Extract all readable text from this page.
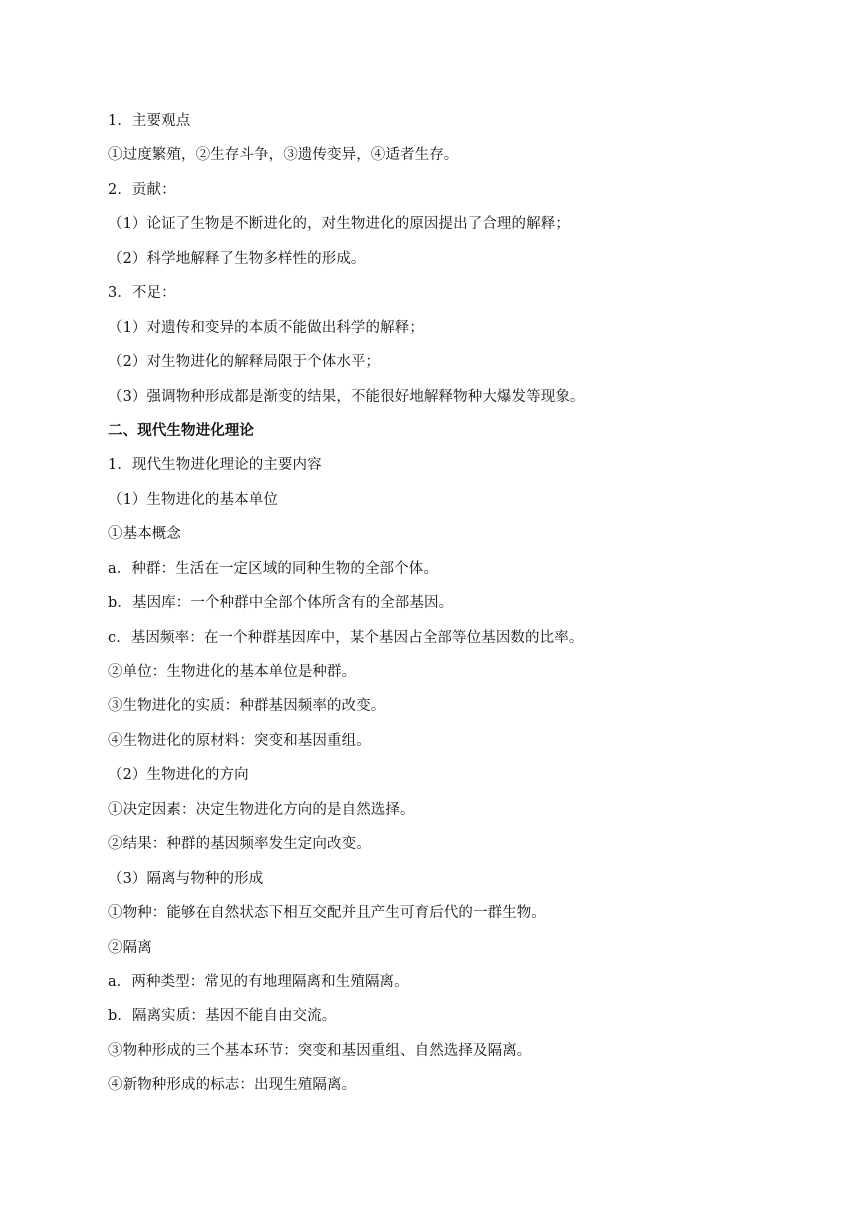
1．主要观点
①过度繁殖，②生存斗争，③遗传变异，④适者生存。
2．贡献：
（1）论证了生物是不断进化的，对生物进化的原因提出了合理的解释；
（2）科学地解释了生物多样性的形成。
3．不足：
（1）对遗传和变异的本质不能做出科学的解释；
（2）对生物进化的解释局限于个体水平；
（3）强调物种形成都是渐变的结果，不能很好地解释物种大爆发等现象。
二、现代生物进化理论
1．现代生物进化理论的主要内容
（1）生物进化的基本单位
①基本概念
a．种群：生活在一定区域的同种生物的全部个体。
b．基因库：一个种群中全部个体所含有的全部基因。
c．基因频率：在一个种群基因库中，某个基因占全部等位基因数的比率。
②单位：生物进化的基本单位是种群。
③生物进化的实质：种群基因频率的改变。
④生物进化的原材料：突变和基因重组。
（2）生物进化的方向
①决定因素：决定生物进化方向的是自然选择。
②结果：种群的基因频率发生定向改变。
（3）隔离与物种的形成
①物种：能够在自然状态下相互交配并且产生可育后代的一群生物。
②隔离
a．两种类型：常见的有地理隔离和生殖隔离。
b．隔离实质：基因不能自由交流。
③物种形成的三个基本环节：突变和基因重组、自然选择及隔离。
④新物种形成的标志：出现生殖隔离。
